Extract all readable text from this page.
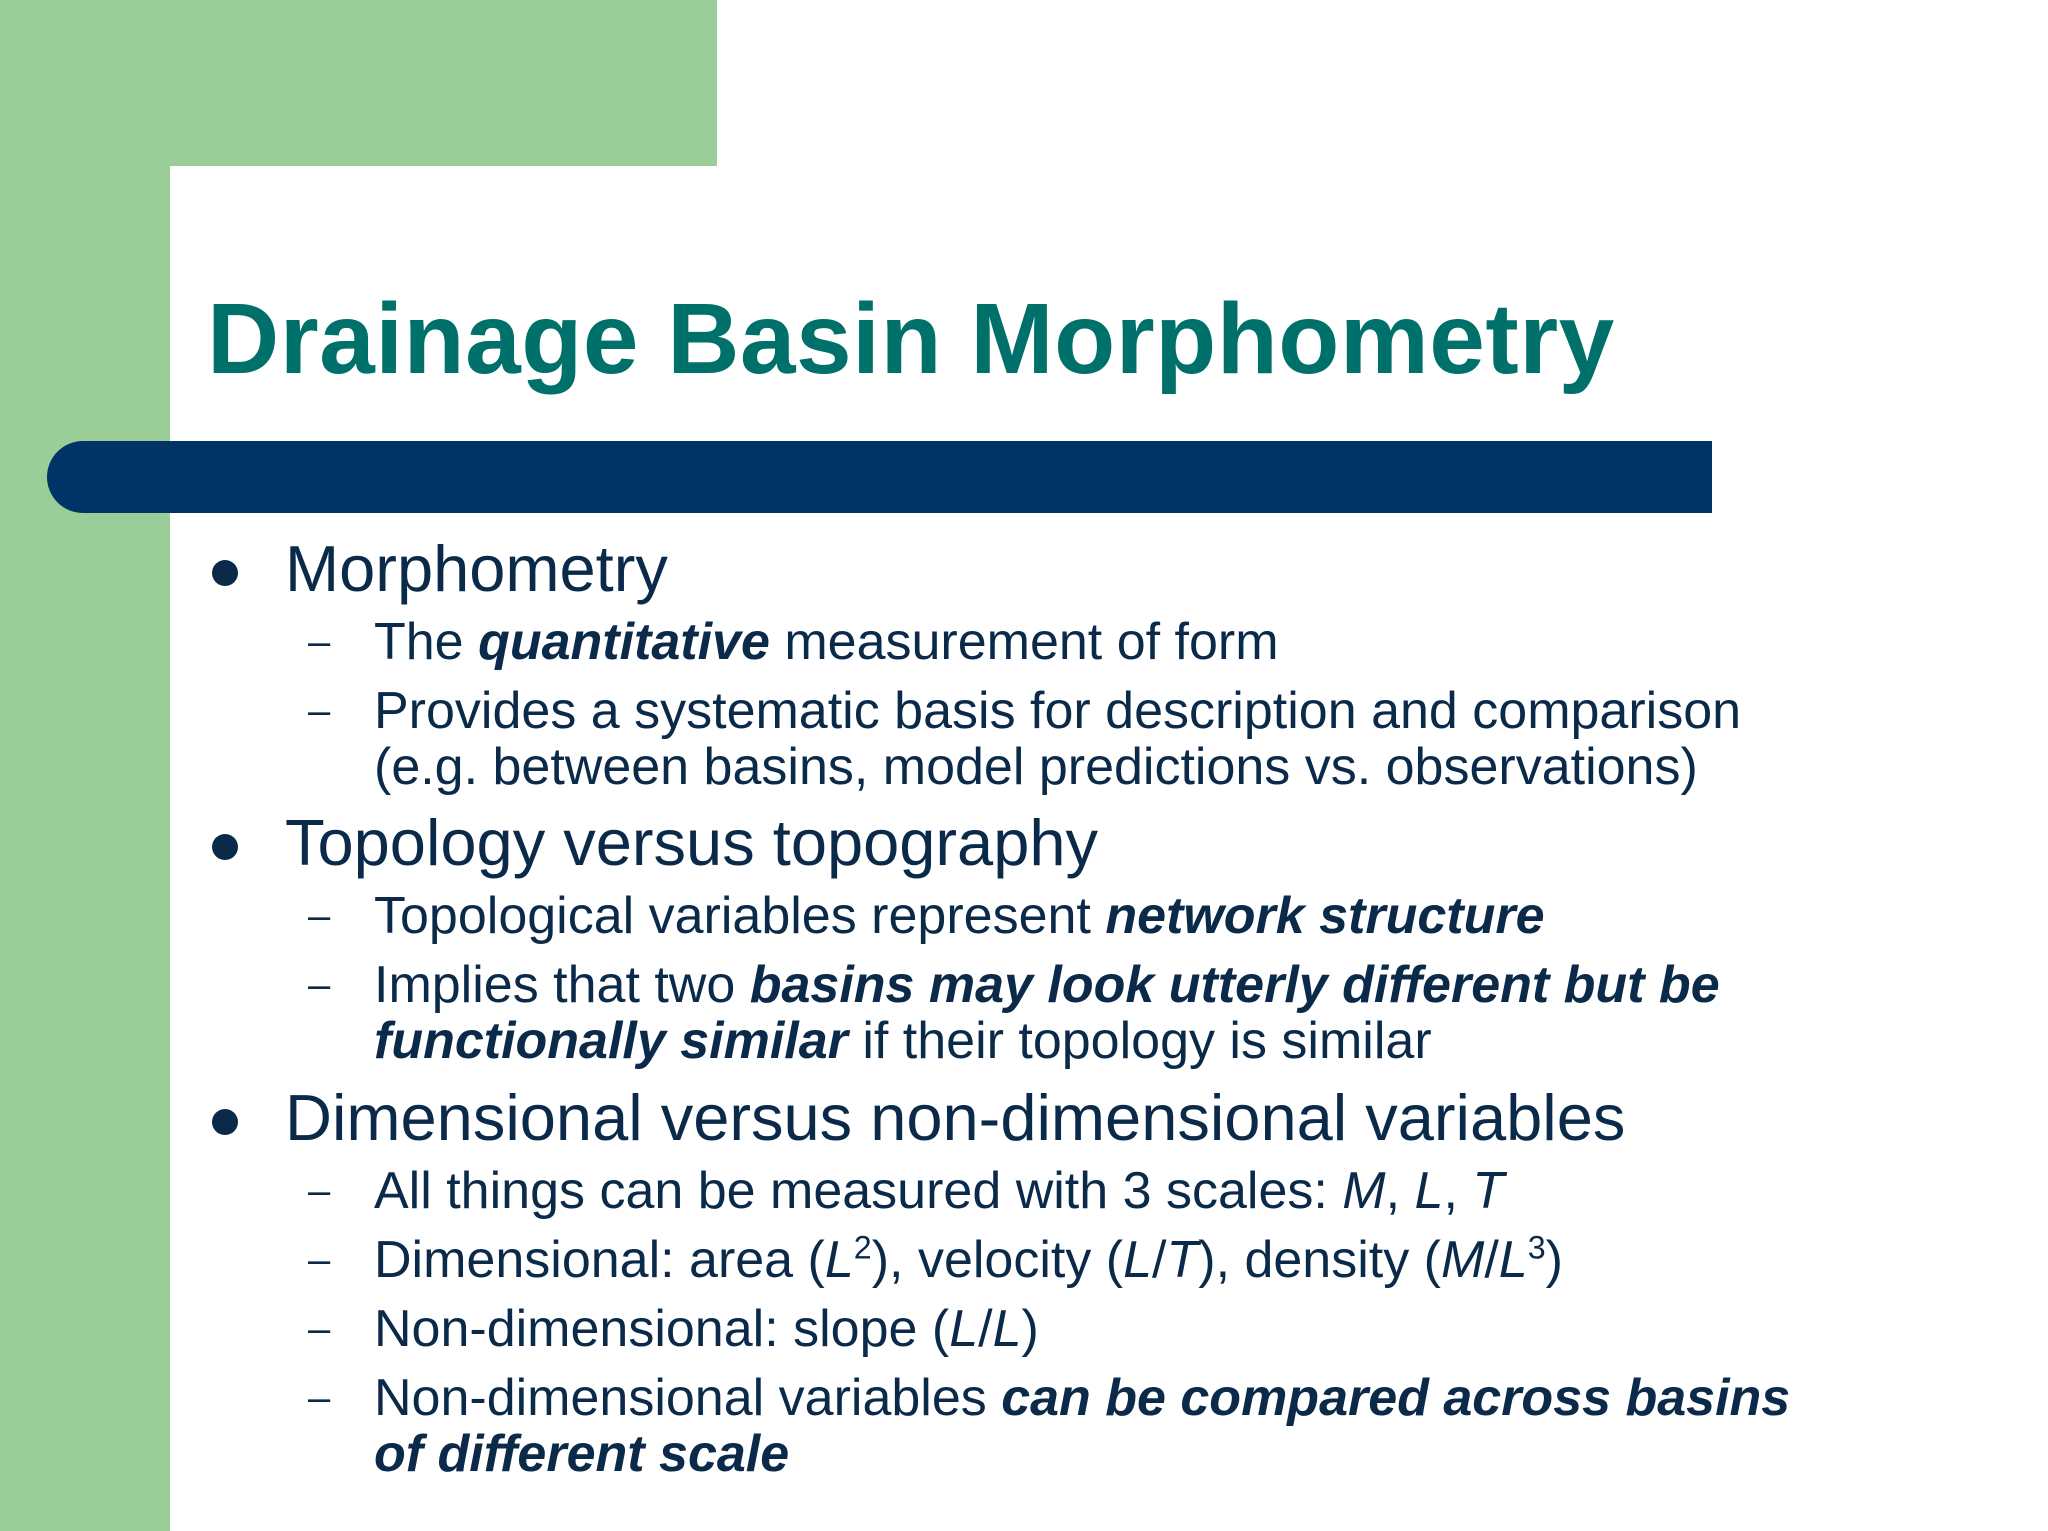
Drainage Basin Morphometry
Morphometry
– The quantitative measurement of form
– Provides a systematic basis for description and comparison
(e.g. between basins, model predictions vs. observations)
Topology versus topography
– Topological variables represent network structure
– Implies that two basins may look utterly different but be
functionally similar if their topology is similar
Dimensional versus non-dimensional variables
– All things can be measured with 3 scales: M, L, T
– Dimensional: area $(L^2)$, velocity (L/T), density $(M/L^3)$
– Non-dimensional: slope (L/L)
– Non-dimensional variables can be compared across basins
of different scale
